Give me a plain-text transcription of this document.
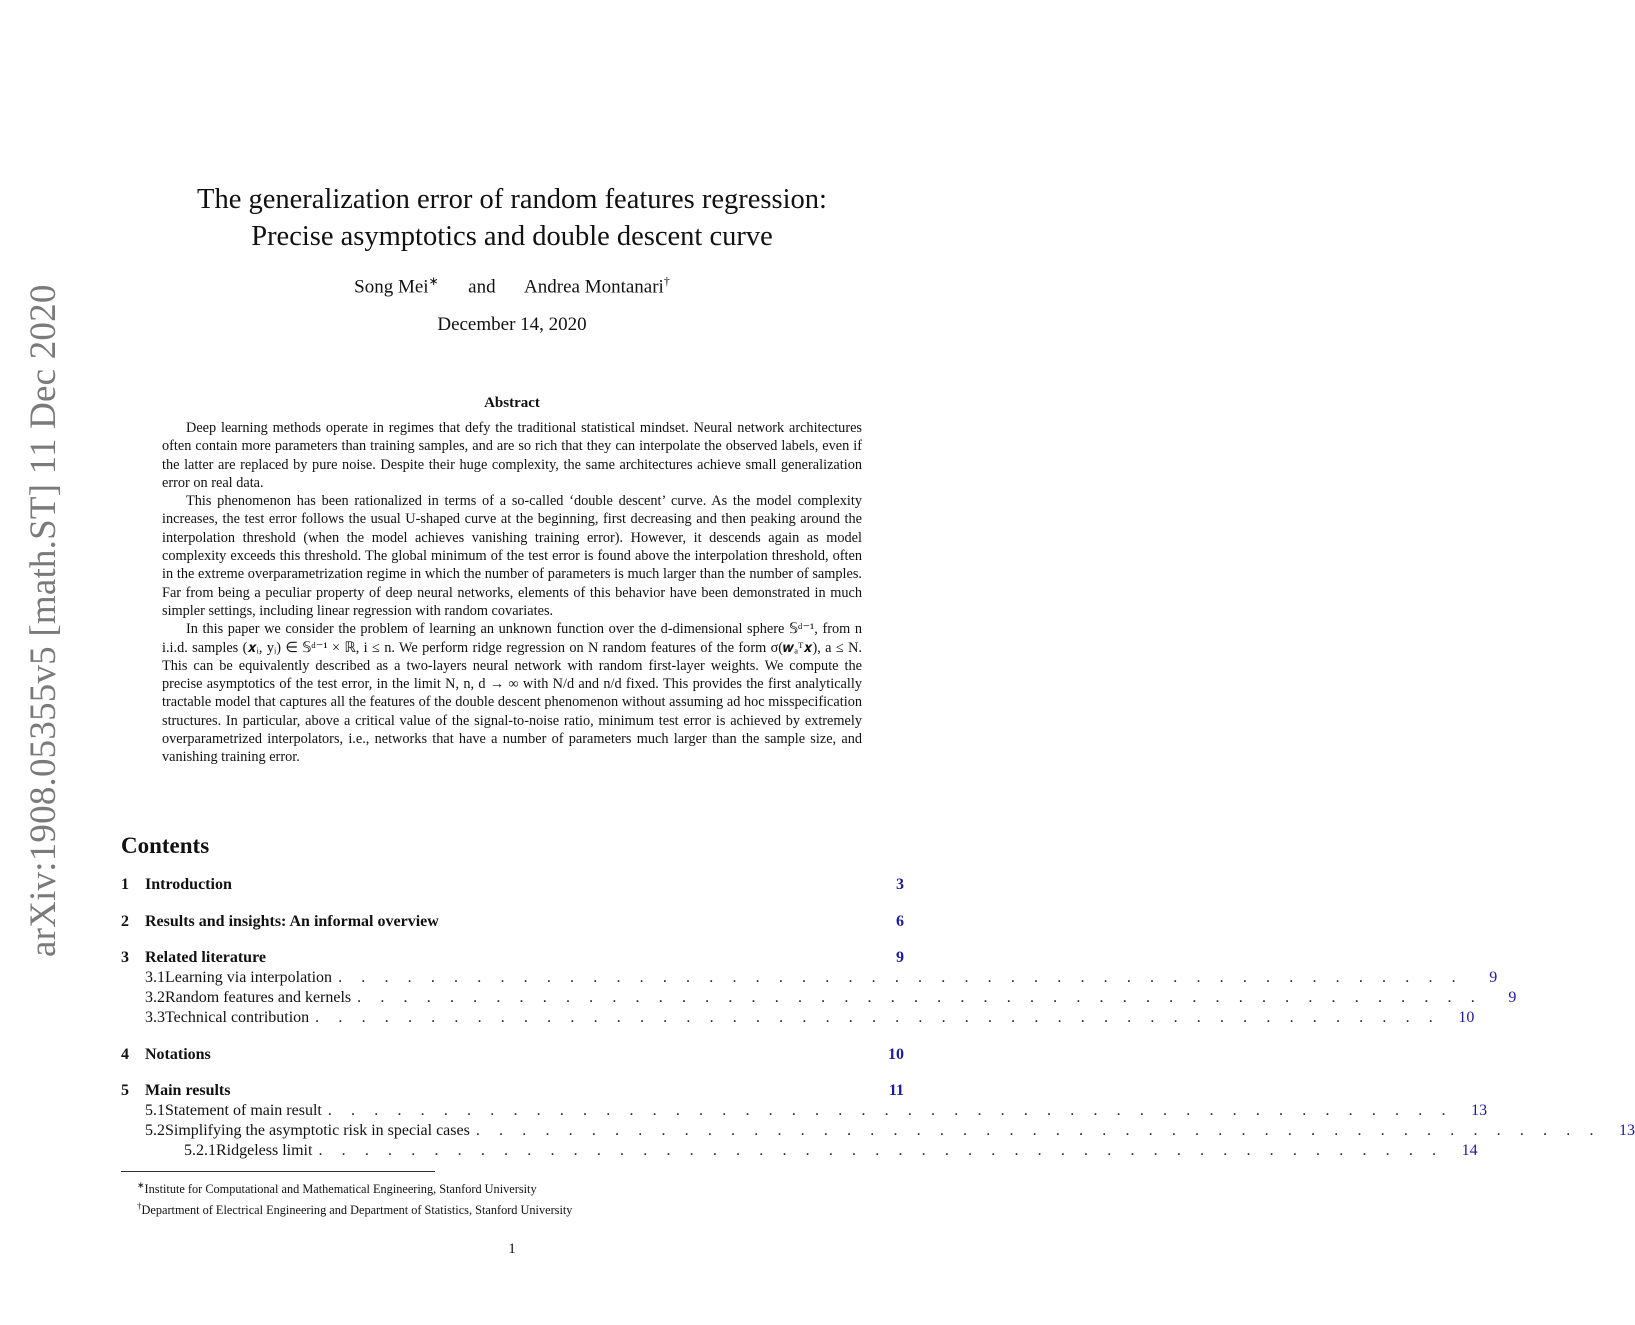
arXiv:1908.05355v5 [math.ST] 11 Dec 2020
The generalization error of random features regression:
Precise asymptotics and double descent curve
Song Mei∗ and Andrea Montanari†
December 14, 2020
Abstract

Deep learning methods operate in regimes that defy the traditional statistical mindset. Neural network architectures often contain more parameters than training samples, and are so rich that they can interpolate the observed labels, even if the latter are replaced by pure noise. Despite their huge complexity, the same architectures achieve small generalization error on real data.

This phenomenon has been rationalized in terms of a so-called ‘double descent’ curve. As the model complexity increases, the test error follows the usual U-shaped curve at the beginning, first decreasing and then peaking around the interpolation threshold (when the model achieves vanishing training error). However, it descends again as model complexity exceeds this threshold. The global minimum of the test error is found above the interpolation threshold, often in the extreme overparametrization regime in which the number of parameters is much larger than the number of samples. Far from being a peculiar property of deep neural networks, elements of this behavior have been demonstrated in much simpler settings, including linear regression with random covariates.

In this paper we consider the problem of learning an unknown function over the d-dimensional sphere 𝕊ᵈ⁻¹, from n i.i.d. samples (𝒙ᵢ, yᵢ) ∈ 𝕊ᵈ⁻¹ × ℝ, i ≤ n. We perform ridge regression on N random features of the form σ(𝒘ₐᵀ𝒙), a ≤ N. This can be equivalently described as a two-layers neural network with random first-layer weights. We compute the precise asymptotics of the test error, in the limit N, n, d → ∞ with N/d and n/d fixed. This provides the first analytically tractable model that captures all the features of the double descent phenomenon without assuming ad hoc misspecification structures. In particular, above a critical value of the signal-to-noise ratio, minimum test error is achieved by extremely overparametrized interpolators, i.e., networks that have a number of parameters much larger than the sample size, and vanishing training error.

Contents
1	Introduction	3
2	Results and insights: An informal overview	6
3	Related literature	9
3.1 Learning via interpolation . . . . . . . . . . . . . . . . . . . . . . . . . . . . . . . . . . . . . . . . . . . . . . . . .	9
3.2 Random features and kernels . . . . . . . . . . . . . . . . . . . . . . . . . . . . . . . . . . . . . . . . . . . . . . . . .	9
3.3 Technical contribution . . . . . . . . . . . . . . . . . . . . . . . . . . . . . . . . . . . . . . . . . . . . . . . . .	10
4	Notations	10
5	Main results	11
5.1 Statement of main result . . . . . . . . . . . . . . . . . . . . . . . . . . . . . . . . . . . . . . . . . . . . . . . . .	13
5.2 Simplifying the asymptotic risk in special cases . . . . . . . . . . . . . . . . . . . . . . . . . . . . . . . . . . . . . . . . . . . . . . . . .	13
5.2.1 Ridgeless limit . . . . . . . . . . . . . . . . . . . . . . . . . . . . . . . . . . . . . . . . . . . . . . . . .	14
∗Institute for Computational and Mathematical Engineering, Stanford University
†Department of Electrical Engineering and Department of Statistics, Stanford University
1
